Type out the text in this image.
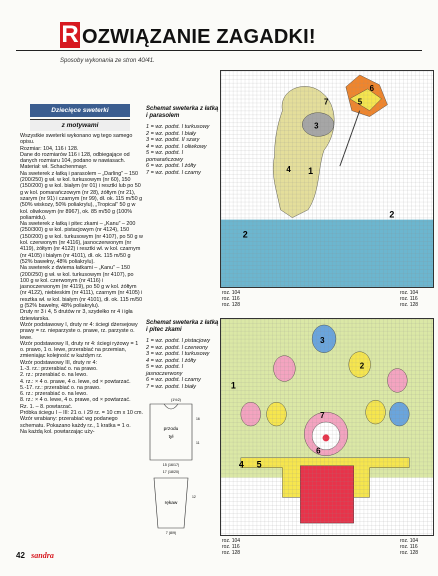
R OZWIĄZANIE ZAGADKI!
Sposoby wykonania ze stron 40/41.
Dziecięce sweterki
z motywami

Wszystkie sweterki wykonano wg tego samego opisu.

Rozmiar: 104, 116 i 128.

Dane do rozmiarów 116 i 128, odbiegające od danych rozmiaru 104, podano w nawiasach.

Materiał: wł. Schachenmayr.

Na sweterek z łatką i parasolem – „Darling” – 150 (200/250) g wł. w kol. turkusowym (nr 60), 150 (150/200) g w kol. białym (nr 01) i resztki lub po 50 g w kol. pomarańczowym (nr 28), żółtym (nr 21), szarym (nr 91) i czarnym (nr 99), dł. ok. 115 m/50 g (50% wiskozy, 50% poliakrylu), „Tropical” 50 g w kol. oliwkowym (nr 8967), ok. 85 m/50 g (100% poliamidu).

Na sweterek z łatką i pitec zkami – „Kanu” – 200 (250/300) g w kol. pistacjowym (nr 4124), 150 (150/200) g w kol. turkusowym (nr 4107), po 50 g w kol. czerwonym (nr 4116), jasnoczerwonym (nr 4119), żółtym (nr 4122) i resztki wł. w kol. czarnym (nr 4105) i białym (nr 4101), dł. ok. 115 m/50 g (52% bawełny, 48% poliakrylu).

Na sweterek z dwiema łatkami – „Kanu” – 150 (200/250) g wł. w kol. turkusowym (nr 4107), po 100 g w kol. czerwonym (nr 4116) i jasnoczerwonym (nr 4119), po 50 g w kol. żółtym (nr 4122), niebieskim (nr 4111), czarnym (nr 4105) i resztka wł. w kol. białym (nr 4101), dł. ok. 115 m/50 g (52% bawełny, 48% poliakrylu).

Druty nr 3 i 4, 5 drutów nr 3, szydełko nr 4 i igła dziewiarska.

Wzór podstawowy I, druty nr 4: ściegi dżersejowy prawy = rz. nieparzyste o. prawe, rz. parzyste o. lewe.

Wzór podstawowy II, druty nr 4: ściegi ryżowy = 1 o. prawo, 1 o. lewe, przerabiać na przemian, zmieniając kolejność w każdym rz.

Wzór podstawowy III, druty nr 4:

1.-3. rz.: przerabiać o. na prawo.

2. rz.: przerabiać o. na lewo.

4. rz.: × 4 o. prawe, 4 o. lewe, od × powtarzać.

5.-17. rz.: przerabiać o. na prawo.

6. rz.: przerabiać o. na lewo.

8. rz.: × 4 o. lewe, 4 o. prawe, od × powtarzać.

Rz. 1. – 8. powtarzać.

Próbka ściegu I – III: 21 o. i 29 rz. = 10 cm x 10 cm.

Wzór wrabiany: przerabiać wg podanego schematu. Pokazano każdy rz., 1 kratka = 1 o.

Na każdą kol. powtarzając uży-

Schemat sweterka z łatką i parasolem
1 = wz. podst. I turkusowy
2 = wz. podst. I biały
3 = wz. podst. II szary
4 = wz. podst. I oliwkowy
5 = wz. podst. I pomarańczowy
6 = wz. podst. I żółty
7 = wz. podst. I czarny
Schemat sweterka z łatką i pitec zkami
1 = wz. podst. I pistacjowy
2 = wz. podst. I czerwony
3 = wz. podst. I turkusowy
4 = wz. podst. I żółty
5 = wz. podst. I jasnoczerwony
6 = wz. podst. I czarny
7 = wz. podst. I biały
przodu
tył
rękaw
(1½2)
16
11
15 (16/17)
17 (18/20)
12
7 (8/9)
1
2
2
6
5
4
3
7
roz. 104
roz. 116
roz. 128
roz. 104
roz. 116
roz. 128
1
4 5
3
2
7
6
roz. 104
roz. 116
roz. 128
roz. 104
roz. 116
roz. 128
42 sandra
